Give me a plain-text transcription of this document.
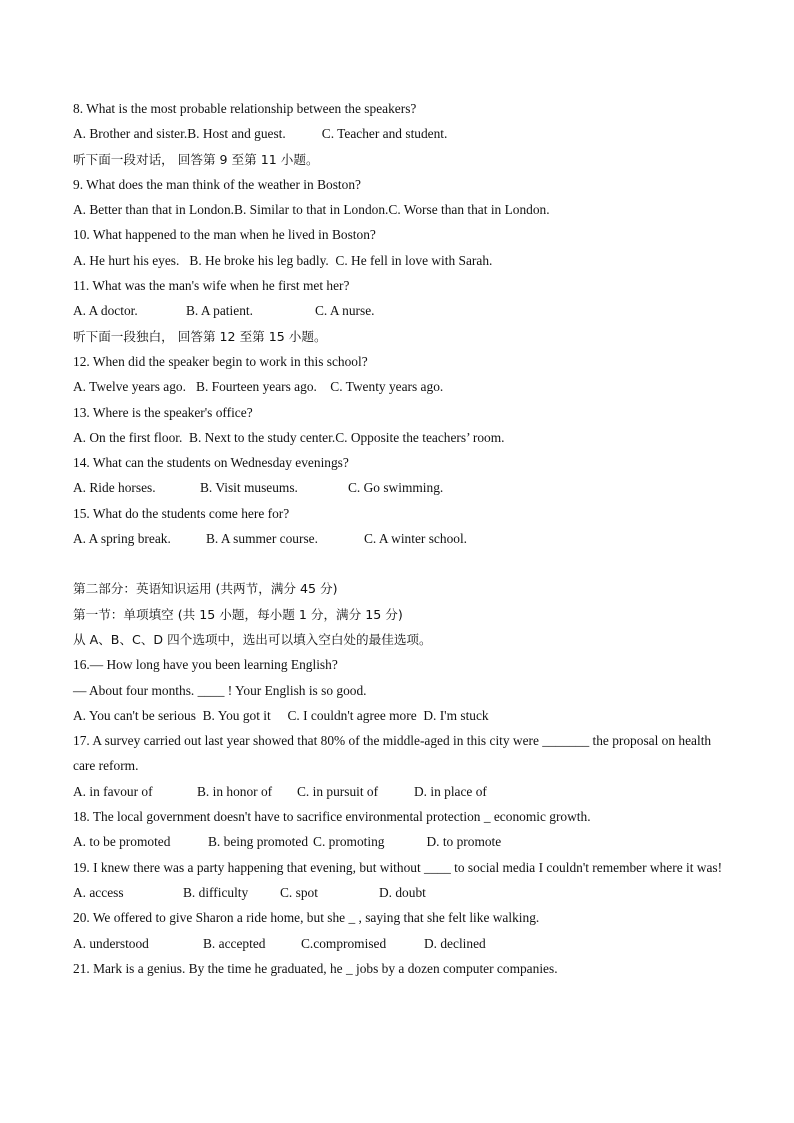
8. What is the most probable relationship between the speakers?
A. Brother and sister.B. Host and guest.	C. Teacher and student.
听下面一段对话， 回答第 9 至第 11 小题。
9. What does the man think of the weather in Boston?
A. Better than that in London.B. Similar to that in London.C. Worse than that in London.
10. What happened to the man when he lived in Boston?
A. He hurt his eyes.   B. He broke his leg badly.  C. He fell in love with Sarah.
11. What was the man's wife when he first met her?
A. A doctor.	B. A patient.	C. A nurse.
听下面一段独白， 回答第 12 至第 15 小题。
12. When did the speaker begin to work in this school?
A. Twelve years ago.   B. Fourteen years ago.    C. Twenty years ago.
13. Where is the speaker's office?
A. On the first floor.  B. Next to the study center.C. Opposite the teachers’ room.
14. What can the students on Wednesday evenings?
A. Ride horses.	B. Visit museums.	C. Go swimming.
15. What do the students come here for?
A. A spring break.	B. A summer course.	C. A winter school.
第二部分：英语知识运用 (共两节，满分 45 分)
第一节：单项填空 (共 15 小题，每小题 1 分，满分 15 分)
从 A、B、C、D 四个选项中，选出可以填入空白处的最佳选项。
16.— How long have you been learning English?
— About four months. ____ ! Your English is so good.
A. You can't be serious  B. You got it     C. I couldn't agree more  D. I'm stuck
17. A survey carried out last year showed that 80% of the middle-aged in this city were _______ the proposal on health care reform.
A. in favour of	B. in honor of C. in pursuit of	D. in place of
18. The local government doesn't have to sacrifice environmental protection _ economic growth.
A. to be promoted	B. being promoted C. promoting	D. to promote
19. I knew there was a party happening that evening, but without ____ to social media I couldn't remember where it was!
A. access	B. difficulty C. spot	D. doubt
20. We offered to give Sharon a ride home, but she _ , saying that she felt like walking.
A. understood	B. accepted	C.compromised	D. declined
21. Mark is a genius. By the time he graduated, he _ jobs by a dozen computer companies.
